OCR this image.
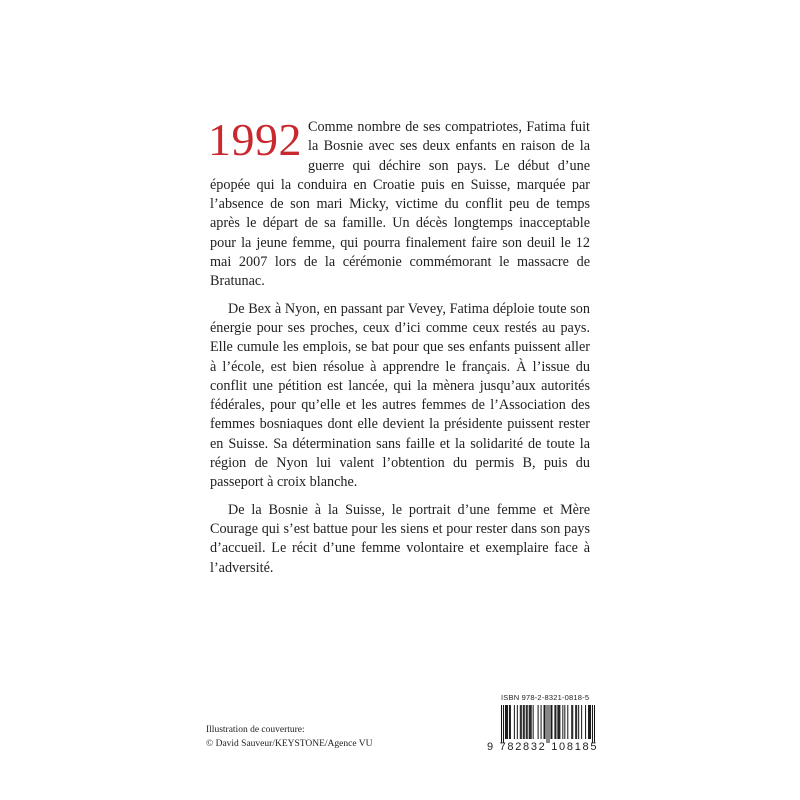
1992 Comme nombre de ses compatriotes, Fatima fuit la Bosnie avec ses deux enfants en raison de la guerre qui déchire son pays. Le début d’une épopée qui la conduira en Croatie puis en Suisse, marquée par l’absence de son mari Micky, victime du conflit peu de temps après le départ de sa famille. Un décès longtemps inacceptable pour la jeune femme, qui pourra finalement faire son deuil le 12 mai 2007 lors de la cérémonie commémorant le massacre de Bratunac.

De Bex à Nyon, en passant par Vevey, Fatima déploie toute son énergie pour ses proches, ceux d’ici comme ceux restés au pays. Elle cumule les emplois, se bat pour que ses enfants puissent aller à l’école, est bien résolue à apprendre le français. À l’issue du conflit une pétition est lancée, qui la mènera jusqu’aux autorités fédérales, pour qu’elle et les autres femmes de l’Association des femmes bosniaques dont elle devient la présidente puissent rester en Suisse. Sa détermination sans faille et la solidarité de toute la région de Nyon lui valent l’obtention du permis B, puis du passeport à croix blanche.

De la Bosnie à la Suisse, le portrait d’une femme et Mère Courage qui s’est battue pour les siens et pour rester dans son pays d’accueil. Le récit d’une femme volontaire et exemplaire face à l’adversité.

Illustration de couverture:
© David Sauveur/KEYSTONE/Agence VU
ISBN 978-2-8321-0818-5
9 782832 108185
